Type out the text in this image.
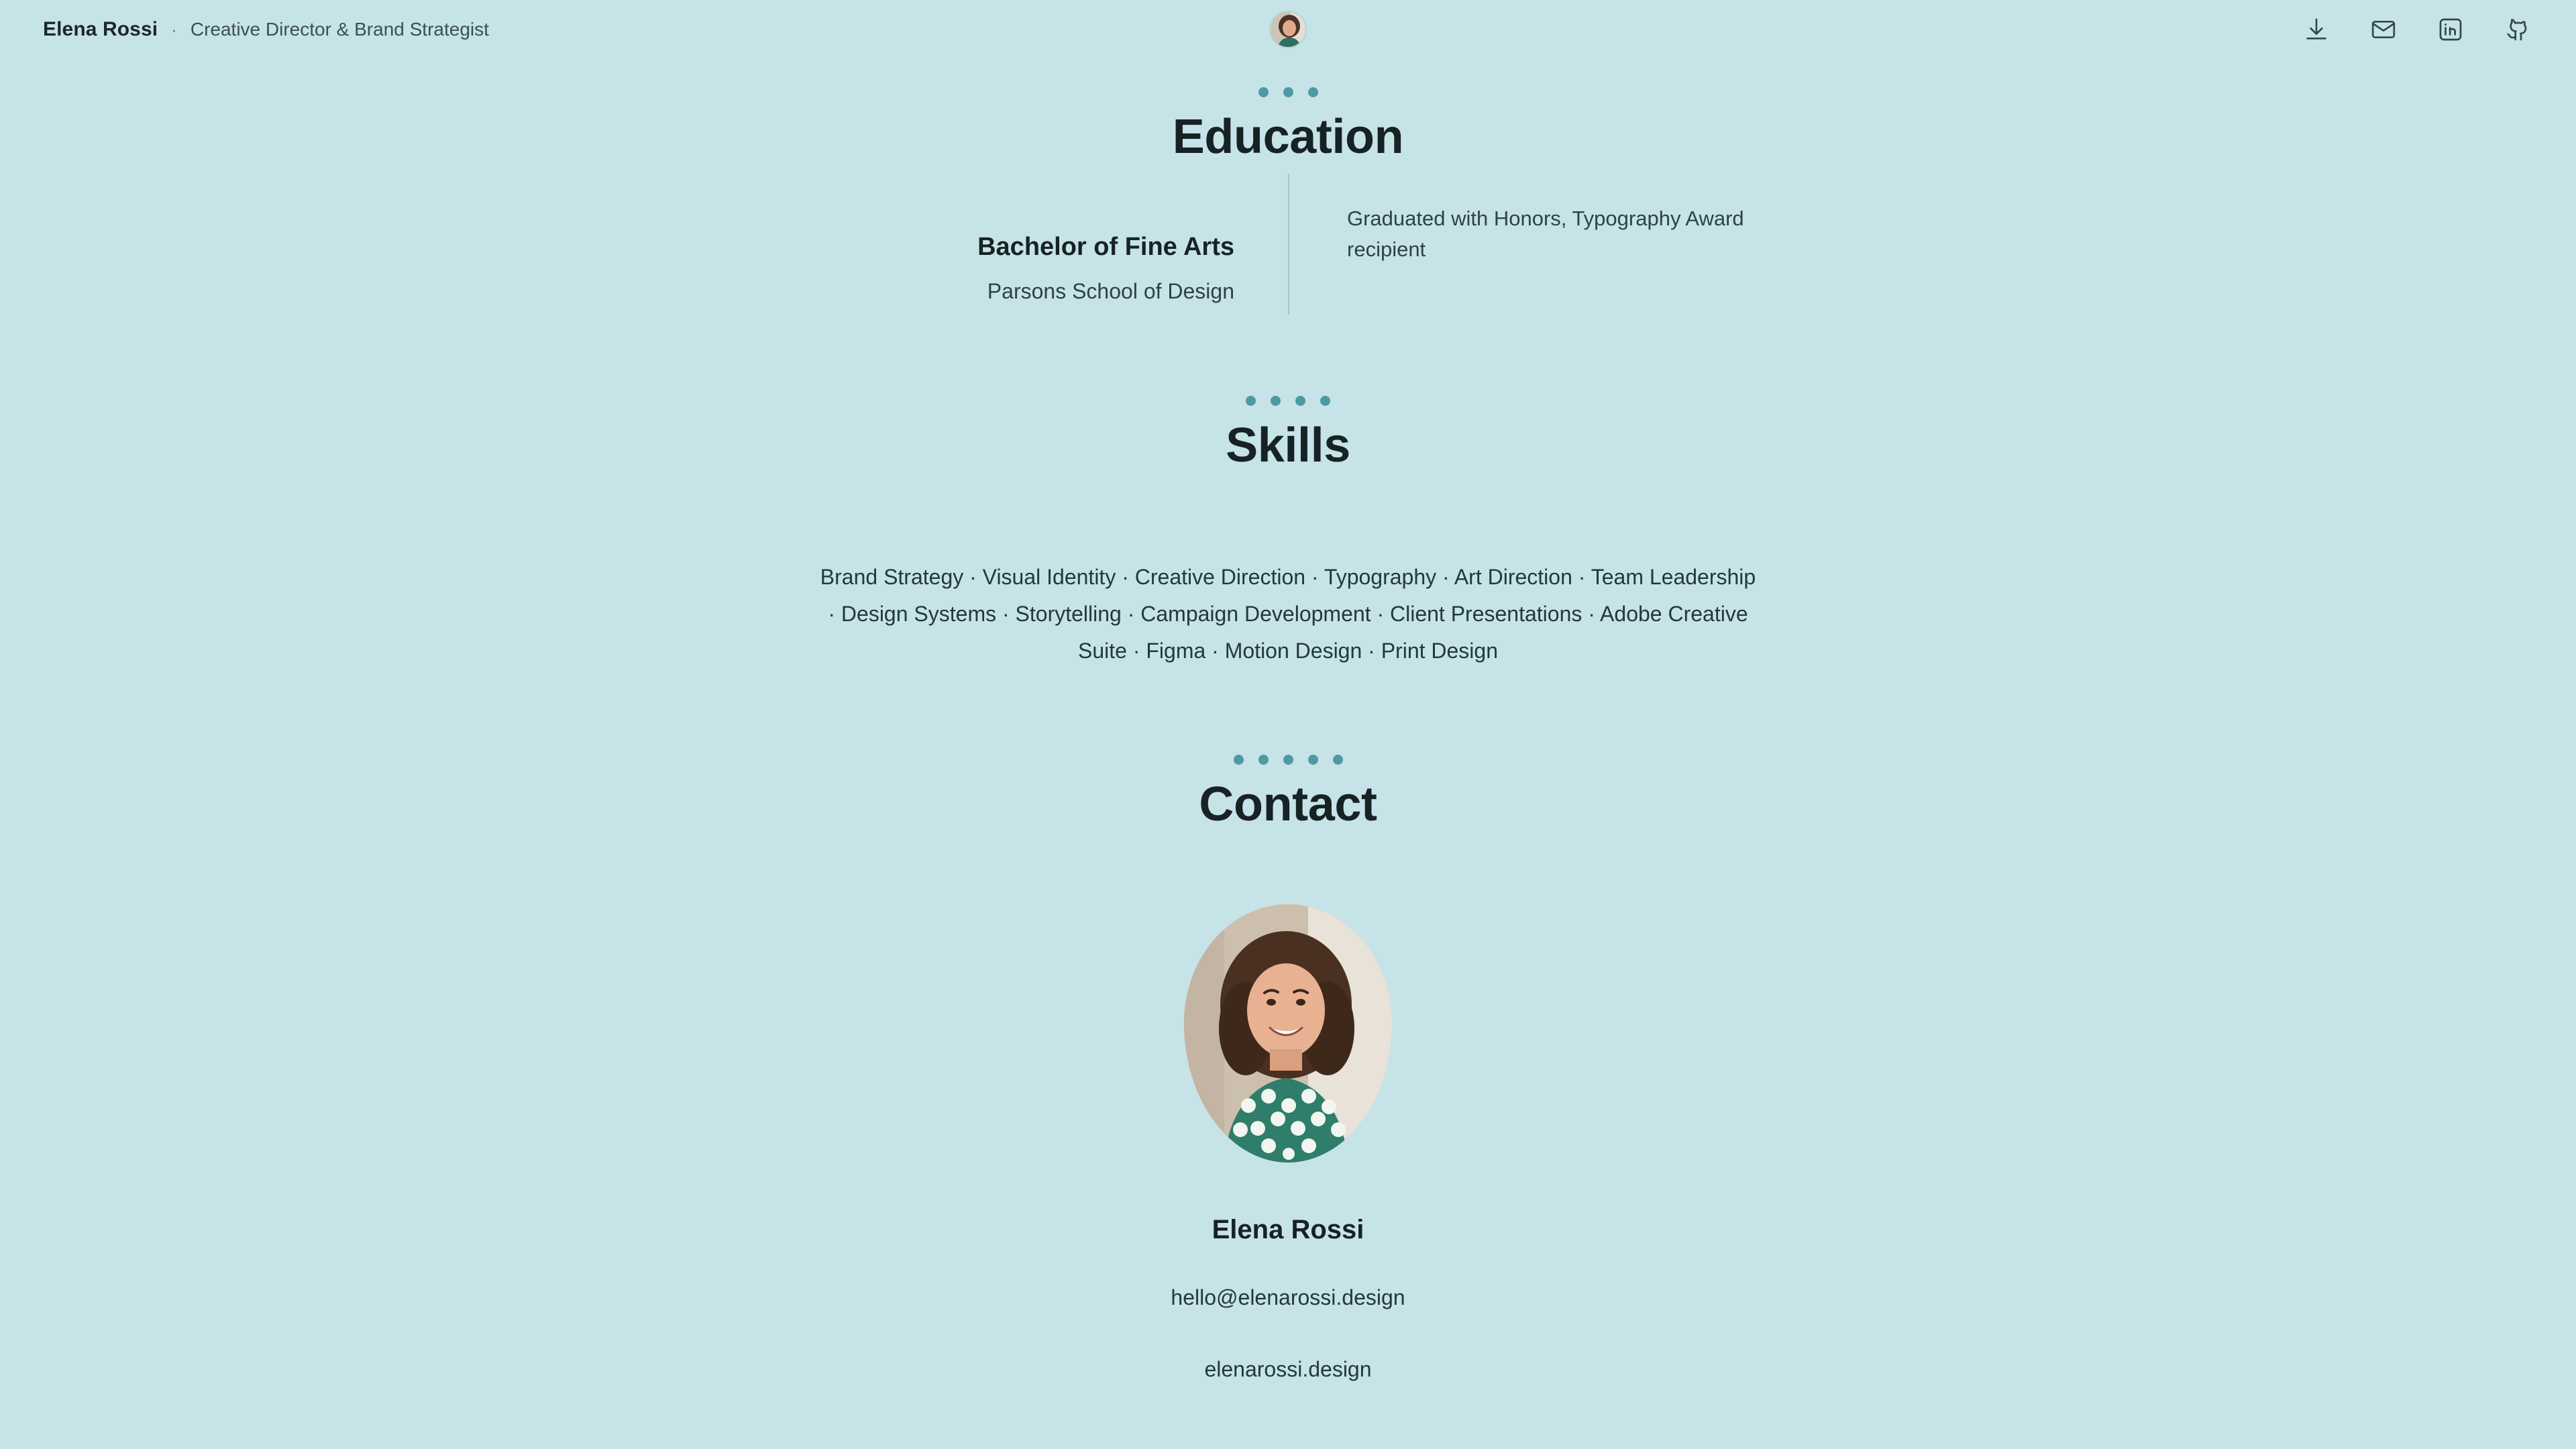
Elena Rossi · Creative Director & Brand Strategist
Education
Bachelor of Fine Arts
Parsons School of Design
Graduated with Honors, Typography Award recipient
Skills
Brand Strategy · Visual Identity · Creative Direction · Typography · Art Direction · Team Leadership · Design Systems · Storytelling · Campaign Development · Client Presentations · Adobe Creative Suite · Figma · Motion Design · Print Design
Contact
Elena Rossi
hello@elenarossi.design
elenarossi.design
